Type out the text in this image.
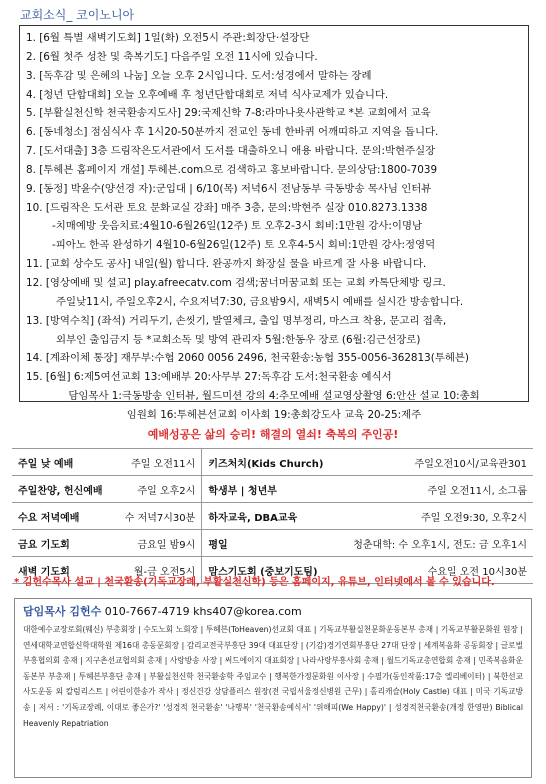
교회소식_ 코이노니아
1. [6월 특별 새벽기도회] 1일(화) 오전5시 주관:회장단·설장단
2. [6월 첫주 성찬 및 축복기도] 다음주일 오전 11시에 있습니다.
3. [독후감 및 은혜의 나눔] 오늘 오후 2시입니다. 도서:성경에서 말하는 장례
4. [청년 단합대회] 오늘 오후예배 후 청년단합대회로 저녁 식사교제가 있습니다.
5. [부활실천신학 천국환송지도사] 29:국제신학 7-8:라마나욧사관학교 *본 교회에서 교육
6. [동네청소] 점심식사 후 1시20-50분까지 전교인 동네 한바퀴 어깨띠하고 지역을 돕니다.
7. [도서대출] 3층 드림작은도서관에서 도서를 대출하오니 애용 바랍니다. 문의:박현주실장
8. [투헤븐 홈페이지 개설] 투헤븐.com으로 검색하고 홍보바랍니다. 문의상담:1800-7039
9. [동정] 박윤수(양선경 자):군입대 | 6/10(목) 저녁6시 전남동부 극동방송 목사님 인터뷰
10. [드림작은 도서관 토요 문화교실 강좌] 매주 3층, 문의:박현주 실장 010.8273.1338
-치매예방 웃음치료:4월10-6월26일(12주) 토 오후2-3시 회비:1만원 강사:이명남
-피아노 한곡 완성하기 4월10-6월26일(12주) 토 오후4-5시 회비:1만원 강사:정영덕
11. [교회 상수도 공사] 내일(월) 합니다. 완공까지 화장실 물을 바르게 잘 사용 바랍니다.
12. [영상예배 및 설교] play.afreecatv.com 검색;꿈너머꿈교회 또는 교회 카톡단체방 링크.
주일낮11시, 주일오후2시, 수요저녁7:30, 금요밤9시, 새벽5시 예배를 실시간 방송합니다.
13. [방역수칙] (좌석) 거리두기, 손씻기, 발열체크, 출입 명부정리, 마스크 착용, 문고리 접촉,
외부인 출입금지 등 *교회소독 및 방역 관리자 5월:한동우 장로 (6월:김근선장로)
14. [계좌이체 통장] 재무부:수협 2060 0056 2496, 천국환송:농협 355-0056-362813(투헤븐)
15. [6월] 6:제5여선교회 13:예배부 20:사무부 27:독후감 도서:천국환송 예식서
담임목사 1:극동방송 인터뷰, 월드미션 강의 4:추모예배 설교영상촬영 6:안산 설교 10:총회
임원회 16:투헤븐선교회 이사회 19:총회강도사 교육 20-25:제주
예배성공은 삶의 승리! 해결의 열쇠! 축복의 주인공!
주일 낮 예배	주일 오전11시	키즈처치(Kids Church)	주일오전10시/교육관301
주일찬양, 헌신예배	주일 오후2시	학생부 | 청년부	주일 오전11시, 소그룹
수요 저녁예배	수 저녁7시30분	하자교육, DBA교육	주일 오전9:30, 오후2시
금요 기도회	금요일 밤9시	평일	청춘대학: 수 오후1시, 전도: 금 오후1시
새벽 기도회	월-금 오전5시	맘스기도회 (중보기도팀)	수요일 오전 10시30분
* 김헌수목사 설교 | 천국환송(기독교장례, 부활실천신학) 등은 홈페이지, 유튜브, 인터넷에서 볼 수 있습니다.
담임목사 김헌수 010-7667-4719 khs407@korea.com
대한예수교장로회(웨신) 부총회장 | 수도노회 노회장 | 투헤븐(ToHeaven)선교회 대표 | 기독교부활실천문화운동본부 총재 | 기독교부활문화원 원장 | 연세대학교연합신학대학원 제16대 총동문회장 | 감리교전국부흥단 39대 대표단장 | (기감)경기연회부흥단 27대 단장 | 세계복음화 공동회장 | 글로벌부흥협의회 총재 | 지구촌선교협의회 총재 | 사랑방송 사장 | 써드에이지 대표회장 | 나라사랑부흥사회 총재 | 월드기독교총연합회 총재 | 민족복음화운동본부 부총재 | 투헤븐부흥단 총재 | 부활실천신학 천국환송학 주임교수 | 행복한가정문화원 이사장 | 수필가(동인작품:17층 엘리베이터) | 북한선교 사도운동 외 칼럼리스트 | 어린이한송가 작사 | 정신건강 상담플러스 원장(전 국립서울정신병원 근무) | 홀리캐슬(Holy Castle) 대표 | 미국 기독교방송 | 저서 : '기독교장례, 이대로 좋은가?' '성경적 천국환송' '나행복' '천국환송예식서' '위해피(We Happy)' | 성경적천국환송(개정 한영판) Biblical Heavenly Repatriation
